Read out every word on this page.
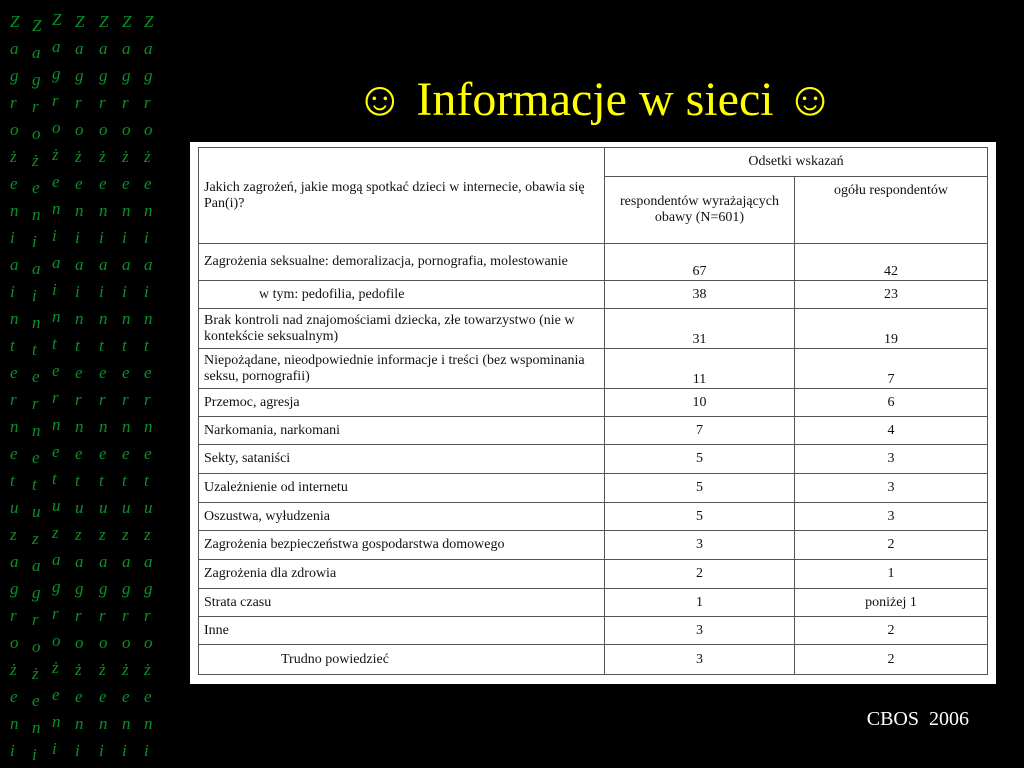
Z
a
g
r
o
ż
e
n
i
a
i
n
t
e
r
n
e
t
u
z
a
g
r
o
ż
e
n
i
Z
a
g
r
o
ż
e
n
i
a
i
n
t
e
r
n
e
t
u
z
a
g
r
o
ż
e
n
i
Z
a
g
r
o
ż
e
n
i
a
i
n
t
e
r
n
e
t
u
z
a
g
r
o
ż
e
n
i
Z
a
g
r
o
ż
e
n
i
a
i
n
t
e
r
n
e
t
u
z
a
g
r
o
ż
e
n
i
Z
a
g
r
o
ż
e
n
i
a
i
n
t
e
r
n
e
t
u
z
a
g
r
o
ż
e
n
i
Z
a
g
r
o
ż
e
n
i
a
i
n
t
e
r
n
e
t
u
z
a
g
r
o
ż
e
n
i
Z
a
g
r
o
ż
e
n
i
a
i
n
t
e
r
n
e
t
u
z
a
g
r
o
ż
e
n
i
☺ Informacje w sieci ☺
Jakich zagrożeń, jakie mogą spotkać dzieci w internecie, obawia się Pan(i)?	Odsetki wskazań	
	respondentów wyrażających obawy (N=601)	ogółu respondentów
Zagrożenia seksualne: demoralizacja, pornografia, molestowanie	67	42
w tym: pedofilia, pedofile	38	23
Brak kontroli nad znajomościami dziecka, złe towarzystwo (nie w kontekście seksualnym)	31	19
Niepożądane, nieodpowiednie informacje i treści (bez wspominania seksu, pornografii)	11	7
Przemoc, agresja	10	6
Narkomania, narkomani	7	4
Sekty, sataniści	5	3
Uzależnienie od internetu	5	3
Oszustwa, wyłudzenia	5	3
Zagrożenia bezpieczeństwa gospodarstwa domowego	3	2
Zagrożenia dla zdrowia	2	1
Strata czasu	1	poniżej 1
Inne	3	2
Trudno powiedzieć	3	2
CBOS  2006
